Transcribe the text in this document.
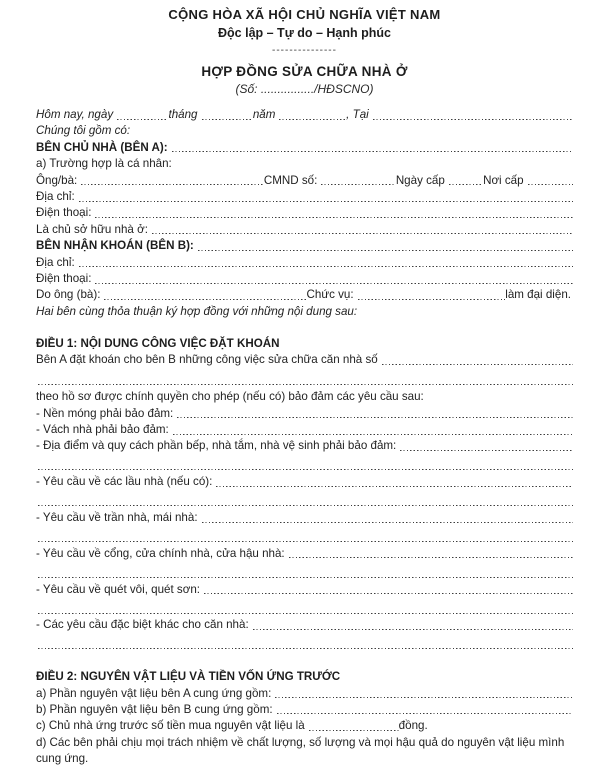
CỘNG HÒA XÃ HỘI CHỦ NGHĨA VIỆT NAM
Độc lập – Tự do – Hạnh phúc
---------------
HỢP ĐỒNG SỬA CHỮA NHÀ Ở
(Số: ................/HĐSCNO)
Hôm nay, ngày	tháng	năm	, Tại
Chúng tôi gồm có:
BÊN CHỦ NHÀ (BÊN A):
a) Trường hợp là cá nhân:
Ông/bà:	CMND số:	Ngày cấp	Nơi cấp
Địa chỉ:
Điện thoại:
Là chủ sở hữu nhà ở:
BÊN NHẬN KHOÁN (BÊN B):
Địa chỉ:
Điện thoại:
Do ông (bà):	Chức vụ:	làm đại diện.
Hai bên cùng thỏa thuận ký hợp đồng với những nội dung sau:
ĐIỀU 1: NỘI DUNG CÔNG VIỆC ĐẶT KHOÁN
Bên A đặt khoán cho bên B những công việc sửa chữa căn nhà số
theo hồ sơ được chính quyền cho phép (nếu có) bảo đảm các yêu cầu sau:
- Nền móng phải bảo đảm:
- Vách nhà phải bảo đảm:
- Địa điểm và quy cách phần bếp, nhà tắm, nhà vệ sinh phải bảo đảm:
- Yêu cầu về các lầu nhà (nếu có):
- Yêu cầu về trần nhà, mái nhà:
- Yêu cầu về cổng, cửa chính nhà, cửa hậu nhà:
- Yêu cầu về quét vôi, quét sơn:
- Các yêu cầu đặc biệt khác cho căn nhà:
ĐIỀU 2: NGUYÊN VẬT LIỆU VÀ TIỀN VỐN ỨNG TRƯỚC
a) Phần nguyên vật liệu bên A cung ứng gồm:
b) Phần nguyên vật liệu bên B cung ứng gồm:
c) Chủ nhà ứng trước số tiền mua nguyên vật liệu là	đồng.
d) Các bên phải chịu mọi trách nhiệm về chất lượng, số lượng và mọi hậu quả do nguyên vật liệu mình cung ứng.
